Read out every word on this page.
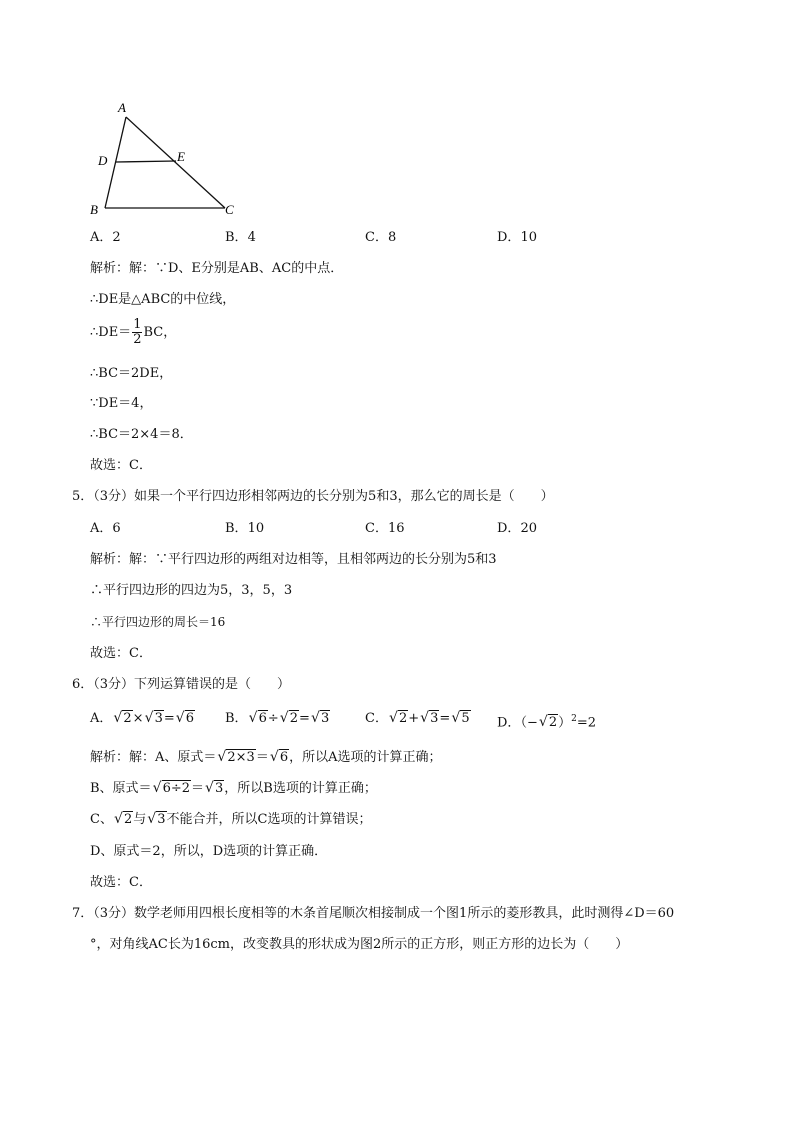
A
D	E
B	C
A．2	B．4	C．8	D．10
解析：解：∵D、E分别是AB、AC的中点．
∴DE是△ABC的中位线，
∴DE＝ $\frac{1}{2}$ BC，
∴BC＝2DE，
∵DE＝4，
∴BC＝2×4＝8．
故选：C．
5．（3分）如果一个平行四边形相邻两边的长分别为5和3，那么它的周长是（　　）
A．6	B．10	C．16	D．20
解析：解：∵平行四边形的两组对边相等，且相邻两边的长分别为5和3
∴平行四边形的四边为5，3，5，3
∴平行四边形的周长＝16
故选：C．
6．（3分）下列运算错误的是（　　）
A． √ 2× √ 3= √ 6 B． √ 6÷ √ 2= √ 3	C． √ 2+ √ 3= √ 5 D．（− √ 2）$^2$=2
解析：解：A、原式＝ √ 2×3＝ √ 6，所以A选项的计算正确；
B、原式＝ √ 6÷2＝ √ 3，所以B选项的计算正确；
C、 √ 2与 √ 3不能合并，所以C选项的计算错误；
D、原式＝2，所以，D选项的计算正确．
故选：C．
7．（3分）数学老师用四根长度相等的木条首尾顺次相接制成一个图1所示的菱形教具，此时测得∠D＝60
°，对角线AC长为16cm，改变教具的形状成为图2所示的正方形，则正方形的边长为（　　）
